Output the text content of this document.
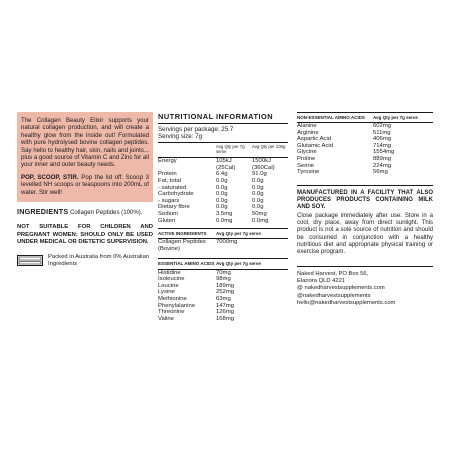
The Collagen Beauty Elixir supports your natural collagen production, and will create a healthy glow from the inside out! Formulated with pure hydrolysed bovine collagen peptides. Say hello to healthy hair, skin, nails and joints... plus a good source of Vitamin C and Zinc for all your inner and outer beauty needs.

POP, SCOOP, STIR. Pop the lid off. Scoop 3 levelled NH scoops or teaspoons into 200mL of water. Stir well!

INGREDIENTS Collagen Peptides (100%).
NOT SUITABLE FOR CHILDREN AND PREGNANT WOMEN: SHOULD ONLY BE USED UNDER MEDICAL OR DIETETIC SUPERVISION.
Packed in Australia from 0% Australian Ingredients
NUTRITIONAL INFORMATION
Servings per package: 25.7
Serving size: 7g
	Avg Qty per 7g serve	Avg Qty per 100g
Energy	105kJ (25Cal)	1500kJ (360Cal)
Protein	6.4g	91.0g
Fat, total	0.0g	0.0g
- saturated	0.0g	0.0g
Carbohydrate	0.0g	0.0g
- sugars	0.0g	0.0g
Dietary fibre	0.0g	0.0g
Sodium	3.5mg	50mg
Gluten	0.0mg	0.0mg
ACTIVE INGREDIENTS	Avg Qty per 7g serve
Collagen Peptides (Bovine)	7000mg
ESSENTIAL AMINO ACIDS	Avg Qty per 7g serve
Histidine	70mg
Isoleucine	98mg
Leucine	189mg
Lysine	252mg
Methionine	63mg
Phenylalanine	147mg
Threonine	126mg
Valine	168mg
NON-ESSENTIAL AMINO ACIDS	Avg Qty per 7g serve
Alanine	602mg
Arginine	511mg
Aspartic Acid	406mg
Glutamic Acid	714mg
Glycine	1554mg
Proline	889mg
Serine	224mg
Tyrosine	56mg
MANUFACTURED IN A FACILITY THAT ALSO PRODUCES PRODUCTS CONTAINING MILK AND SOY.
Close package immediately after use. Store in a cool, dry place, away from direct sunlight. This product is not a sole source of nutrition and should be consumed in conjunction with a healthy nutritious diet and appropriate physical training or exercise program.
Naked Harvest, PO Box 56,
Elanora QLD 4221
@ nakedharvestsupplements.com
@nakedharvestsupplements
hello@nakedharvestsupplements.com
